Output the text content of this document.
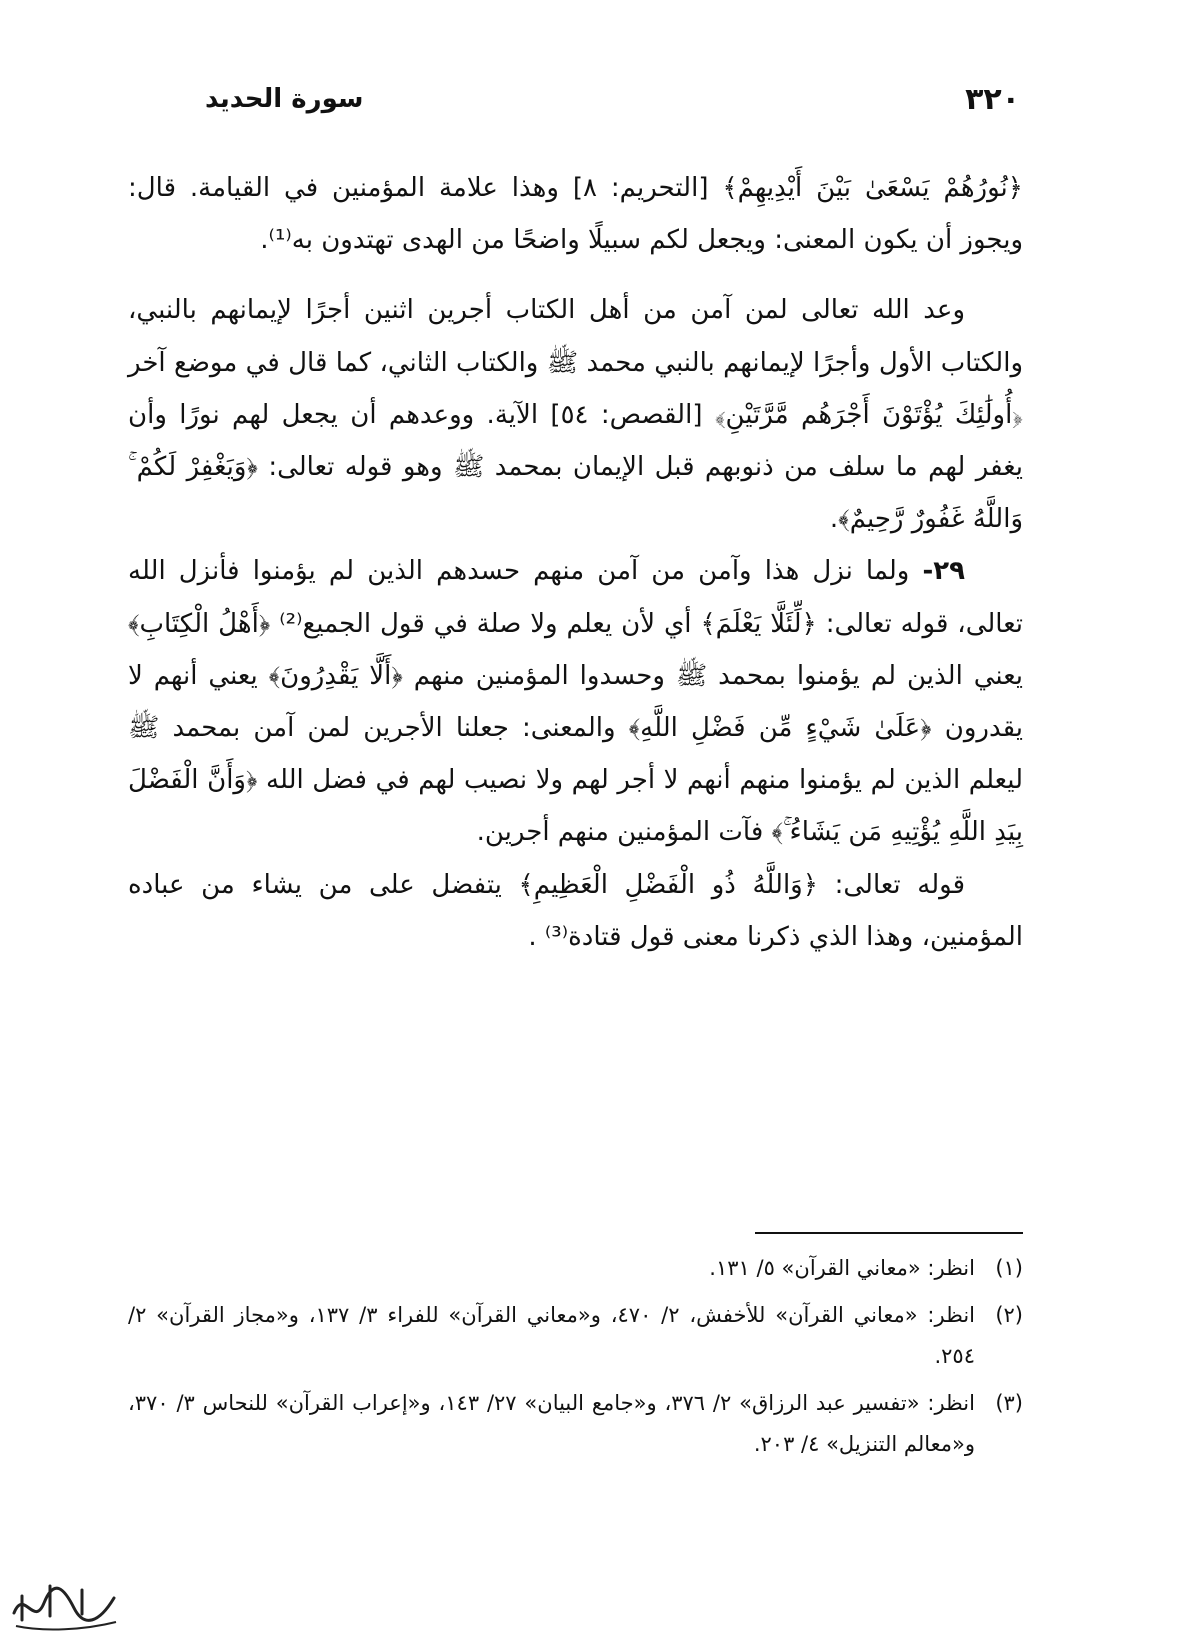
٣٢٠
سورة الحديد

﴿نُورُهُمْ يَسْعَىٰ بَيْنَ أَيْدِيهِمْ﴾ [التحريم: ٨] وهذا علامة المؤمنين في القيامة. قال: ويجوز أن يكون المعنى: ويجعل لكم سبيلًا واضحًا من الهدى تهتدون به⁽¹⁾.

وعد الله تعالى لمن آمن من أهل الكتاب أجرين اثنين أجرًا لإيمانهم بالنبي، والكتاب الأول وأجرًا لإيمانهم بالنبي محمد ﷺ والكتاب الثاني، كما قال في موضع آخر ﴿أُولَٰئِكَ يُؤْتَوْنَ أَجْرَهُم مَّرَّتَيْنِ﴾ [القصص: ٥٤] الآية. ووعدهم أن يجعل لهم نورًا وأن يغفر لهم ما سلف من ذنوبهم قبل الإيمان بمحمد ﷺ وهو قوله تعالى: ﴿وَيَغْفِرْ لَكُمْ ۚ وَاللَّهُ غَفُورٌ رَّحِيمٌ﴾.

٢٩- ولما نزل هذا وآمن من آمن منهم حسدهم الذين لم يؤمنوا فأنزل الله تعالى، قوله تعالى: ﴿لِّئَلَّا يَعْلَمَ﴾ أي لأن يعلم ولا صلة في قول الجميع⁽²⁾ ﴿أَهْلُ الْكِتَابِ﴾ يعني الذين لم يؤمنوا بمحمد ﷺ وحسدوا المؤمنين منهم ﴿أَلَّا يَقْدِرُونَ﴾ يعني أنهم لا يقدرون ﴿عَلَىٰ شَيْءٍ مِّن فَضْلِ اللَّهِ﴾ والمعنى: جعلنا الأجرين لمن آمن بمحمد ﷺ ليعلم الذين لم يؤمنوا منهم أنهم لا أجر لهم ولا نصيب لهم في فضل الله ﴿وَأَنَّ الْفَضْلَ بِيَدِ اللَّهِ يُؤْتِيهِ مَن يَشَاءُ ۚ﴾ فآت المؤمنين منهم أجرين.

قوله تعالى: ﴿وَاللَّهُ ذُو الْفَضْلِ الْعَظِيمِ﴾ يتفضل على من يشاء من عباده المؤمنين، وهذا الذي ذكرنا معنى قول قتادة⁽³⁾ .

(١)
انظر: «معاني القرآن» ٥/ ١٣١.
(٢)
انظر: «معاني القرآن» للأخفش، ٢/ ٤٧٠، و«معاني القرآن» للفراء ٣/ ١٣٧، و«مجاز القرآن» ٢/ ٢٥٤.
(٣)
انظر: «تفسير عبد الرزاق» ٢/ ٣٧٦، و«جامع البيان» ٢٧/ ١٤٣، و«إعراب القرآن» للنحاس ٣/ ٣٧٠، و«معالم التنزيل» ٤/ ٢٠٣.
